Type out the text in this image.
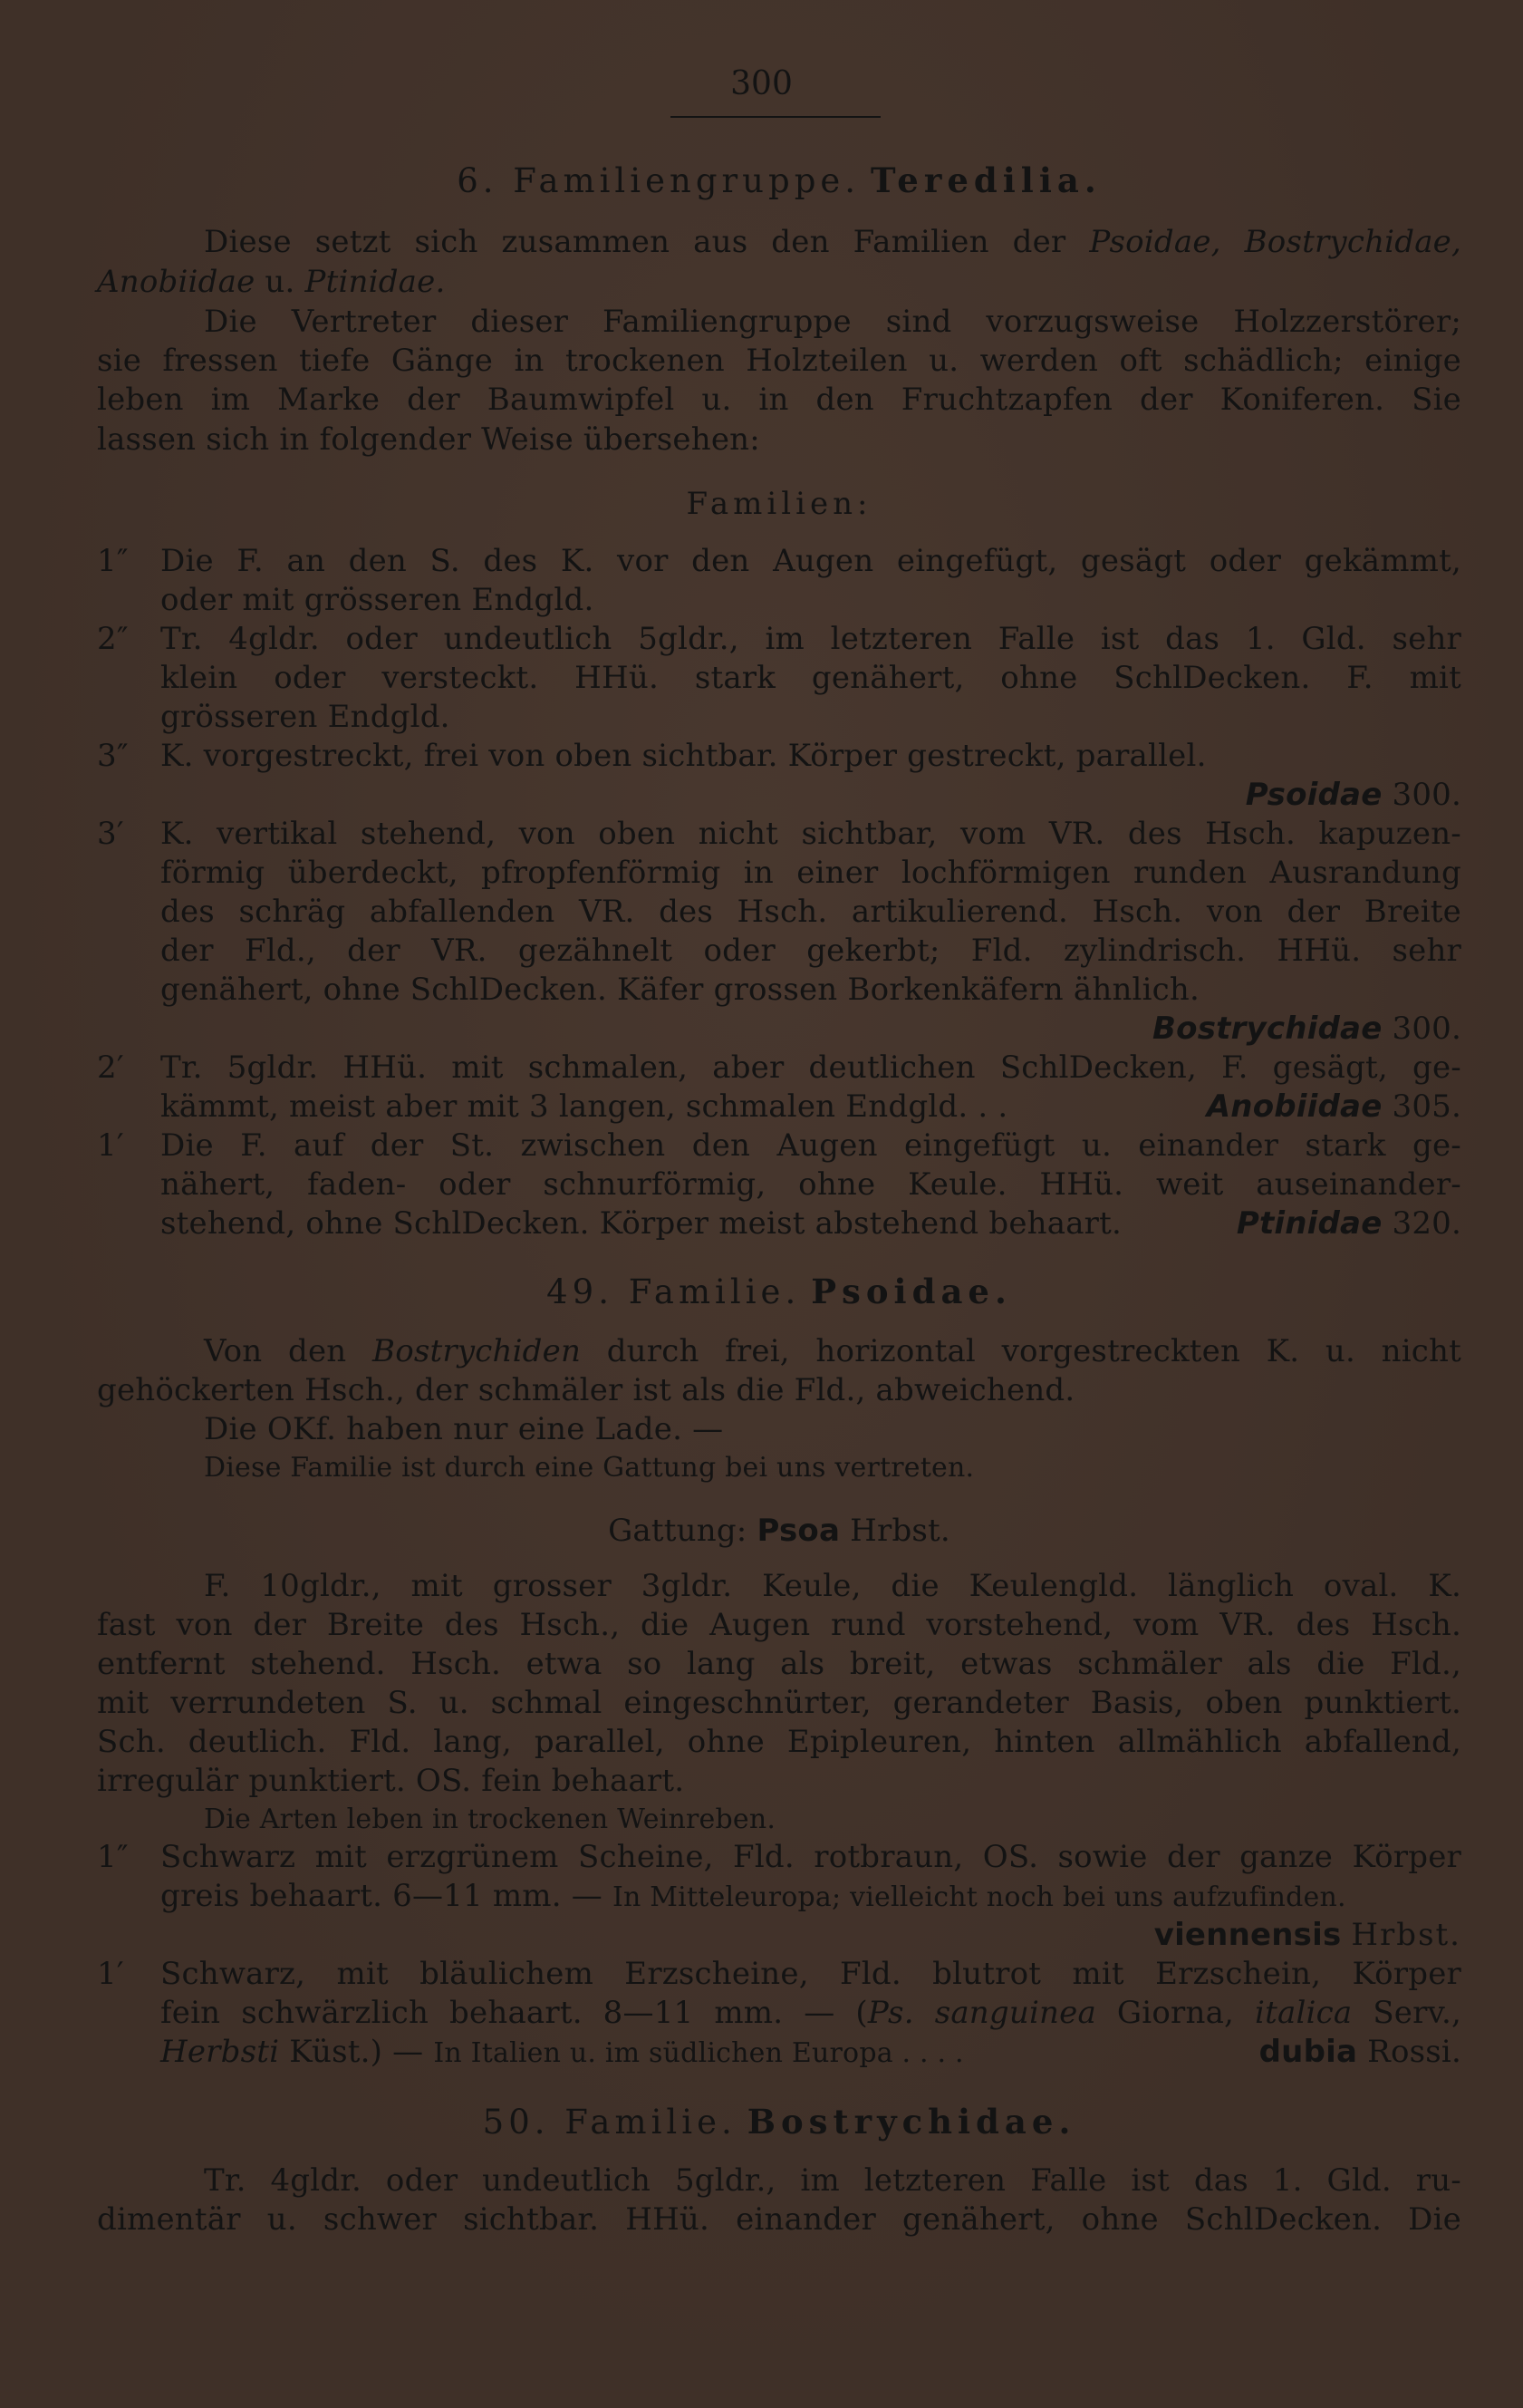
300
6. Familiengruppe. Teredilia.
Diese setzt sich zusammen aus den Familien der Psoidae, Bostrychidae,
Anobiidae u. Ptinidae.
Die Vertreter dieser Familiengruppe sind vorzugsweise Holzzerstörer;
sie fressen tiefe Gänge in trockenen Holzteilen u. werden oft schädlich; einige
leben im Marke der Baumwipfel u. in den Fruchtzapfen der Koniferen. Sie
lassen sich in folgender Weise übersehen:
Familien:
1″ Die F. an den S. des K. vor den Augen eingefügt, gesägt oder gekämmt,
oder mit grösseren Endgld.
2″ Tr. 4gldr. oder undeutlich 5gldr., im letzteren Falle ist das 1. Gld. sehr
klein oder versteckt. HHü. stark genähert, ohne SchlDecken. F. mit
grösseren Endgld.
3″ K. vorgestreckt, frei von oben sichtbar. Körper gestreckt, parallel.
Psoidae 300.
3′ K. vertikal stehend, von oben nicht sichtbar, vom VR. des Hsch. kapuzen-
förmig überdeckt, pfropfenförmig in einer lochförmigen runden Ausrandung
des schräg abfallenden VR. des Hsch. artikulierend. Hsch. von der Breite
der Fld., der VR. gezähnelt oder gekerbt; Fld. zylindrisch. HHü. sehr
genähert, ohne SchlDecken. Käfer grossen Borkenkäfern ähnlich.
Bostrychidae 300.
2′ Tr. 5gldr. HHü. mit schmalen, aber deutlichen SchlDecken, F. gesägt, ge-
kämmt, meist aber mit 3 langen, schmalen Endgld. . .	Anobiidae 305.
1′ Die F. auf der St. zwischen den Augen eingefügt u. einander stark ge-
nähert, faden- oder schnurförmig, ohne Keule. HHü. weit auseinander-
stehend, ohne SchlDecken. Körper meist abstehend behaart.	Ptinidae 320.
49. Familie. Psoidae.
Von den Bostrychiden durch frei, horizontal vorgestreckten K. u. nicht
gehöckerten Hsch., der schmäler ist als die Fld., abweichend.
Die OKf. haben nur eine Lade. —
Diese Familie ist durch eine Gattung bei uns vertreten.
Gattung: Psoa Hrbst.
F. 10gldr., mit grosser 3gldr. Keule, die Keulengld. länglich oval. K.
fast von der Breite des Hsch., die Augen rund vorstehend, vom VR. des Hsch.
entfernt stehend. Hsch. etwa so lang als breit, etwas schmäler als die Fld.,
mit verrundeten S. u. schmal eingeschnürter, gerandeter Basis, oben punktiert.
Sch. deutlich. Fld. lang, parallel, ohne Epipleuren, hinten allmählich abfallend,
irregulär punktiert. OS. fein behaart.
Die Arten leben in trockenen Weinreben.
1″ Schwarz mit erzgrünem Scheine, Fld. rotbraun, OS. sowie der ganze Körper
greis behaart. 6—11 mm. — In Mitteleuropa; vielleicht noch bei uns aufzufinden.
viennensis Hrbst.
1′ Schwarz, mit bläulichem Erzscheine, Fld. blutrot mit Erzschein, Körper
fein schwärzlich behaart. 8—11 mm. — (Ps. sanguinea Giorna, italica Serv.,
Herbsti Küst.) — In Italien u. im südlichen Europa . . . .	dubia Rossi.
50. Familie. Bostrychidae.
Tr. 4gldr. oder undeutlich 5gldr., im letzteren Falle ist das 1. Gld. ru-
dimentär u. schwer sichtbar. HHü. einander genähert, ohne SchlDecken. Die
